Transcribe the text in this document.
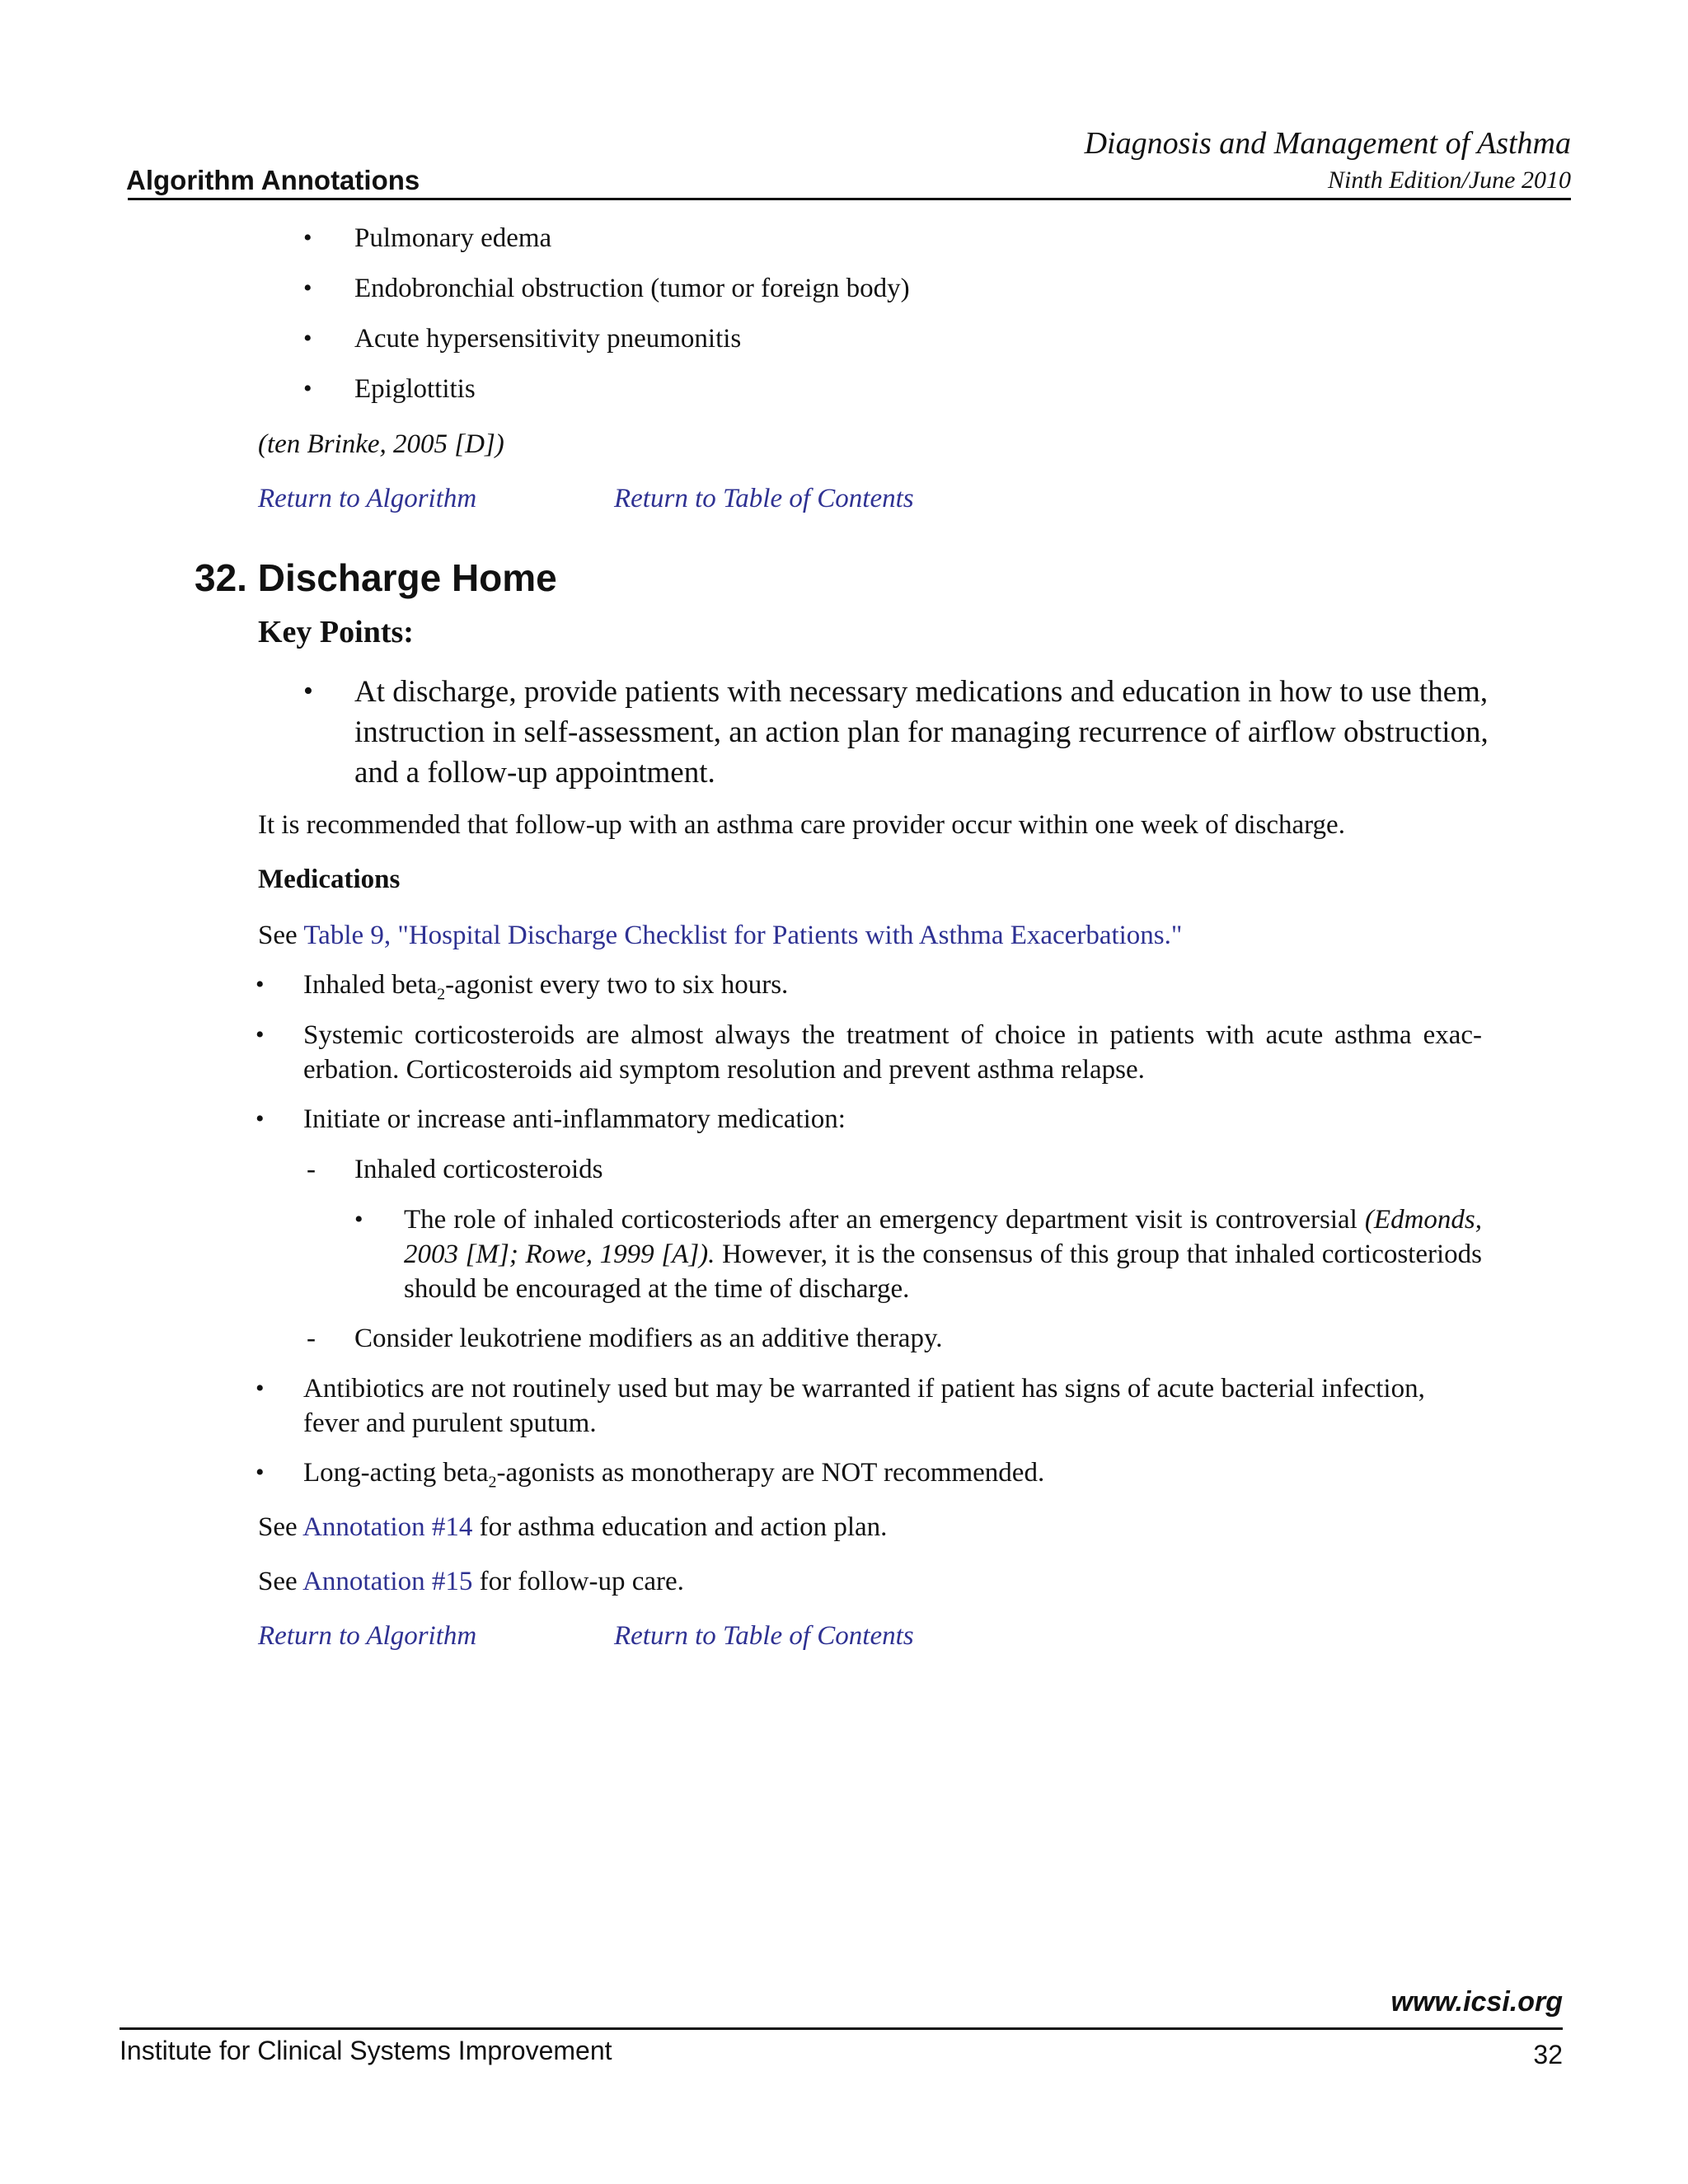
Diagnosis and Management of Asthma
Ninth Edition/June 2010
Algorithm Annotations
• Pulmonary edema
• Endobronchial obstruction (tumor or foreign body)
• Acute hypersensitivity pneumonitis
• Epiglottitis
(ten Brinke, 2005 [D])
Return to Algorithm	Return to Table of Contents
32. Discharge Home
Key Points:
• At discharge, provide patients with necessary medications and education in how to use them, instruction in self-assessment, an action plan for managing recurrence of airflow obstruction, and a follow-up appointment.
It is recommended that follow-up with an asthma care provider occur within one week of discharge.
Medications
See Table 9, "Hospital Discharge Checklist for Patients with Asthma Exacerbations."
• Inhaled beta$_2$-agonist every two to six hours.
• Systemic corticosteroids are almost always the treatment of choice in patients with acute asthma exac-erbation. Corticosteroids aid symptom resolution and prevent asthma relapse.
• Initiate or increase anti-inflammatory medication:
- Inhaled corticosteroids
• The role of inhaled corticosteriods after an emergency department visit is controversial (Edmonds, 2003 [M]; Rowe, 1999 [A]). However, it is the consensus of this group that inhaled corticosteriods should be encouraged at the time of discharge.
- Consider leukotriene modifiers as an additive therapy.
• Antibiotics are not routinely used but may be warranted if patient has signs of acute bacterial infection, fever and purulent sputum.
• Long-acting beta$_2$-agonists as monotherapy are NOT recommended.
See Annotation #14 for asthma education and action plan.
See Annotation #15 for follow-up care.
Return to Algorithm	Return to Table of Contents
www.icsi.org
Institute for Clinical Systems Improvement	32
